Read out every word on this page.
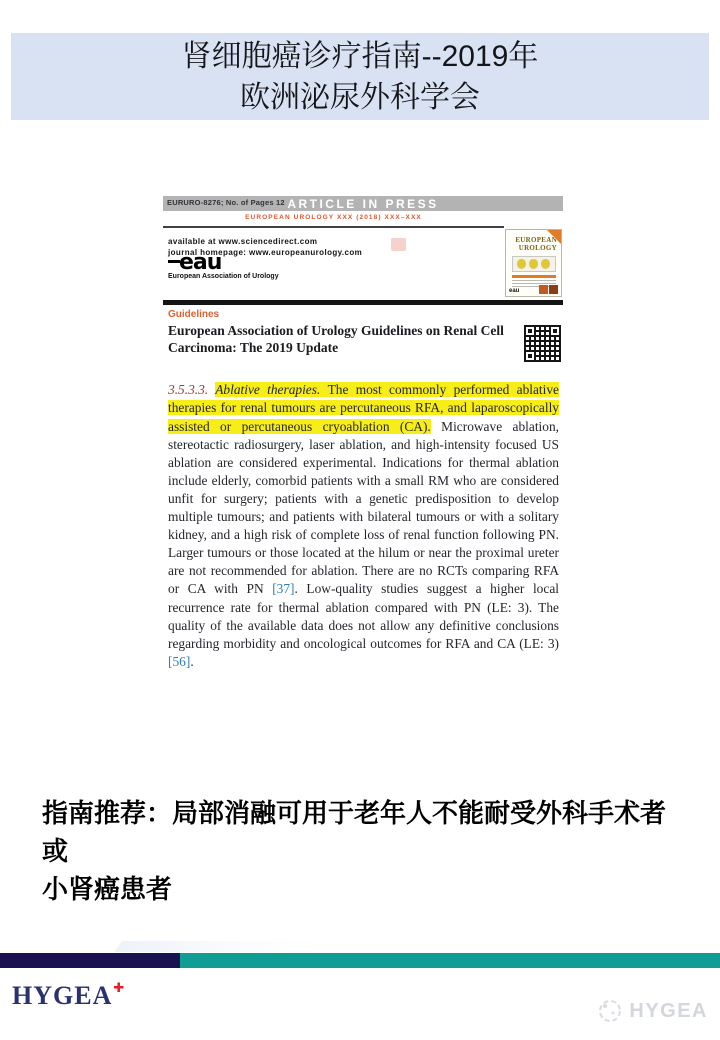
肾细胞癌诊疗指南--2019年
欧洲泌尿外科学会
EURURO-8276; No. of Pages 12 ARTICLE IN PRESS
EUROPEAN UROLOGY XXX (2018) XXX–XXX
available at www.sciencedirect.com
journal homepage: www.europeanurology.com
eau
European Association of Urology
EUROPEAN
UROLOGY
eau
Guidelines
European Association of Urology Guidelines on Renal Cell Carcinoma: The 2019 Update

3.5.3.3. Ablative therapies. The most commonly performed ablative therapies for renal tumours are percutaneous RFA, and laparoscopically assisted or percutaneous cryoablation (CA). Microwave ablation, stereotactic radiosurgery, laser ablation, and high-intensity focused US ablation are considered experimental. Indications for thermal ablation include elderly, comorbid patients with a small RM who are considered unfit for surgery; patients with a genetic predisposition to develop multiple tumours; and patients with bilateral tumours or with a solitary kidney, and a high risk of complete loss of renal function following PN. Larger tumours or those located at the hilum or near the proximal ureter are not recommended for ablation. There are no RCTs comparing RFA or CA with PN [37]. Low-quality studies suggest a higher local recurrence rate for thermal ablation compared with PN (LE: 3). The quality of the available data does not allow any definitive conclusions regarding morbidity and oncological outcomes for RFA and CA (LE: 3) [56].

指南推荐：局部消融可用于老年人不能耐受外科手术者或
小肾癌患者
HYGEA✚
HYGEA
